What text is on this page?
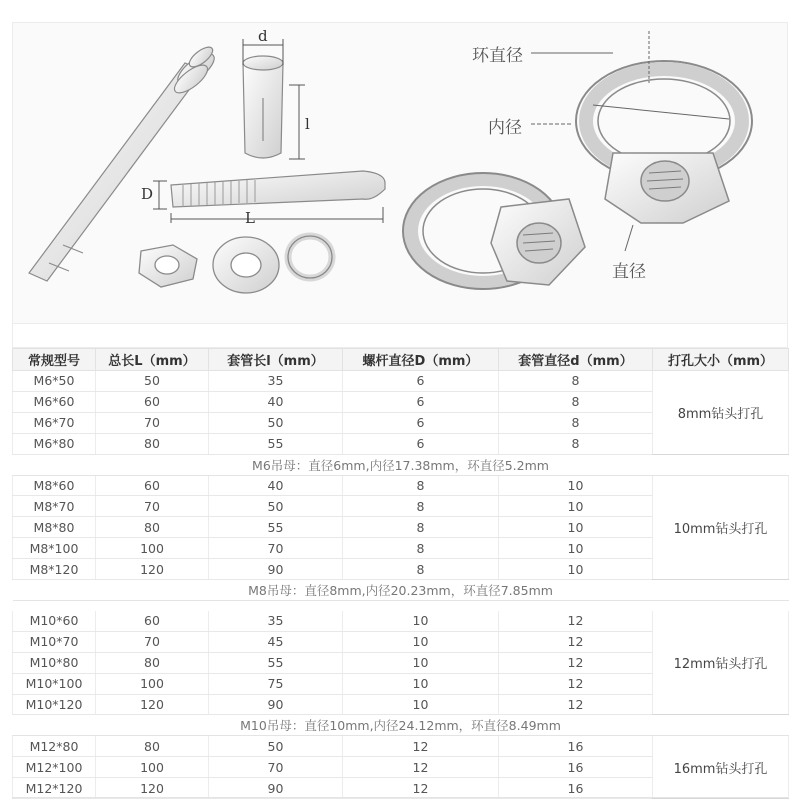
d
l
D
L
环直径
内径
直径
常规型号	总长L（mm）	套管长l（mm）	螺杆直径D（mm）	套管直径d（mm）	打孔大小（mm）
M6*50	50	35	6	8	8mm钻头打孔
M6*60	60	40	6	8	
M6*70	70	50	6	8	
M6*80	80	55	6	8	
M6吊母：直径6mm,内径17.38mm，环直径5.2mm					
M8*60	60	40	8	10	10mm钻头打孔
M8*70	70	50	8	10	
M8*80	80	55	8	10	
M8*100	100	70	8	10	
M8*120	120	90	8	10	
M8吊母：直径8mm,内径20.23mm，环直径7.85mm					

M10*60	60	35	10	12	12mm钻头打孔
M10*70	70	45	10	12	
M10*80	80	55	10	12	
M10*100	100	75	10	12	
M10*120	120	90	10	12	
M10吊母：直径10mm,内径24.12mm，环直径8.49mm					
M12*80	80	50	12	16	16mm钻头打孔
M12*100	100	70	12	16	
M12*120	120	90	12	16	
